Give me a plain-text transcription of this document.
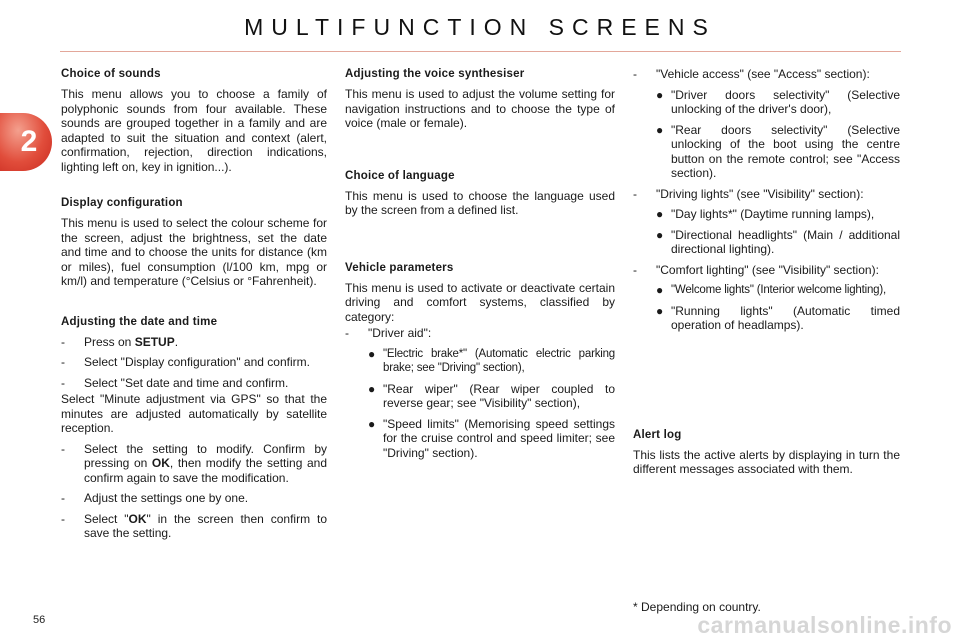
MULTIFUNCTION SCREENS
2
Choice of sounds

This menu allows you to choose a family of polyphonic sounds from four available. These sounds are grouped together in a family and are adapted to suit the situation and context (alert, confirmation, rejection, direction indications, lighting left on, key in ignition...).

Display configuration

This menu is used to select the colour scheme for the screen, adjust the brightness, set the date and time and to choose the units for distance (km or miles), fuel consumption (l/100 km, mpg or km/l) and temperature (°Celsius or °Fahrenheit).

Adjusting the date and time
- Press on SETUP.
- Select "Display configuration" and confirm.
- Select "Set date and time and confirm.

Select "Minute adjustment via GPS" so that the minutes are adjusted automatically by satellite reception.

- Select the setting to modify. Confirm by pressing on OK, then modify the setting and confirm again to save the modification.
- Adjust the settings one by one.
- Select "OK" in the screen then confirm to save the setting.
Adjusting the voice synthesiser

This menu is used to adjust the volume setting for navigation instructions and to choose the type of voice (male or female).

Choice of language

This menu is used to choose the language used by the screen from a defined list.

Vehicle parameters

This menu is used to activate or deactivate certain driving and comfort systems, classified by category:

- "Driver aid":
● "Electric brake*" (Automatic electric parking brake; see "Driving" section),
● "Rear wiper" (Rear wiper coupled to reverse gear; see "Visibility" section),
● "Speed limits" (Memorising speed settings for the cruise control and speed limiter; see "Driving" section).
- "Vehicle access" (see "Access" section):
● "Driver doors selectivity" (Selective unlocking of the driver's door),
● "Rear doors selectivity" (Selective unlocking of the boot using the centre button on the remote control; see "Access section).
- "Driving lights" (see "Visibility" section):
● "Day lights*" (Daytime running lamps),
● "Directional headlights" (Main / additional directional lighting).
- "Comfort lighting" (see "Visibility" section):
● "Welcome lights" (Interior welcome lighting),
● "Running lights" (Automatic timed operation of headlamps).
Alert log

This lists the active alerts by displaying in turn the different messages associated with them.

* Depending on country.
56	carmanualsonline.info
